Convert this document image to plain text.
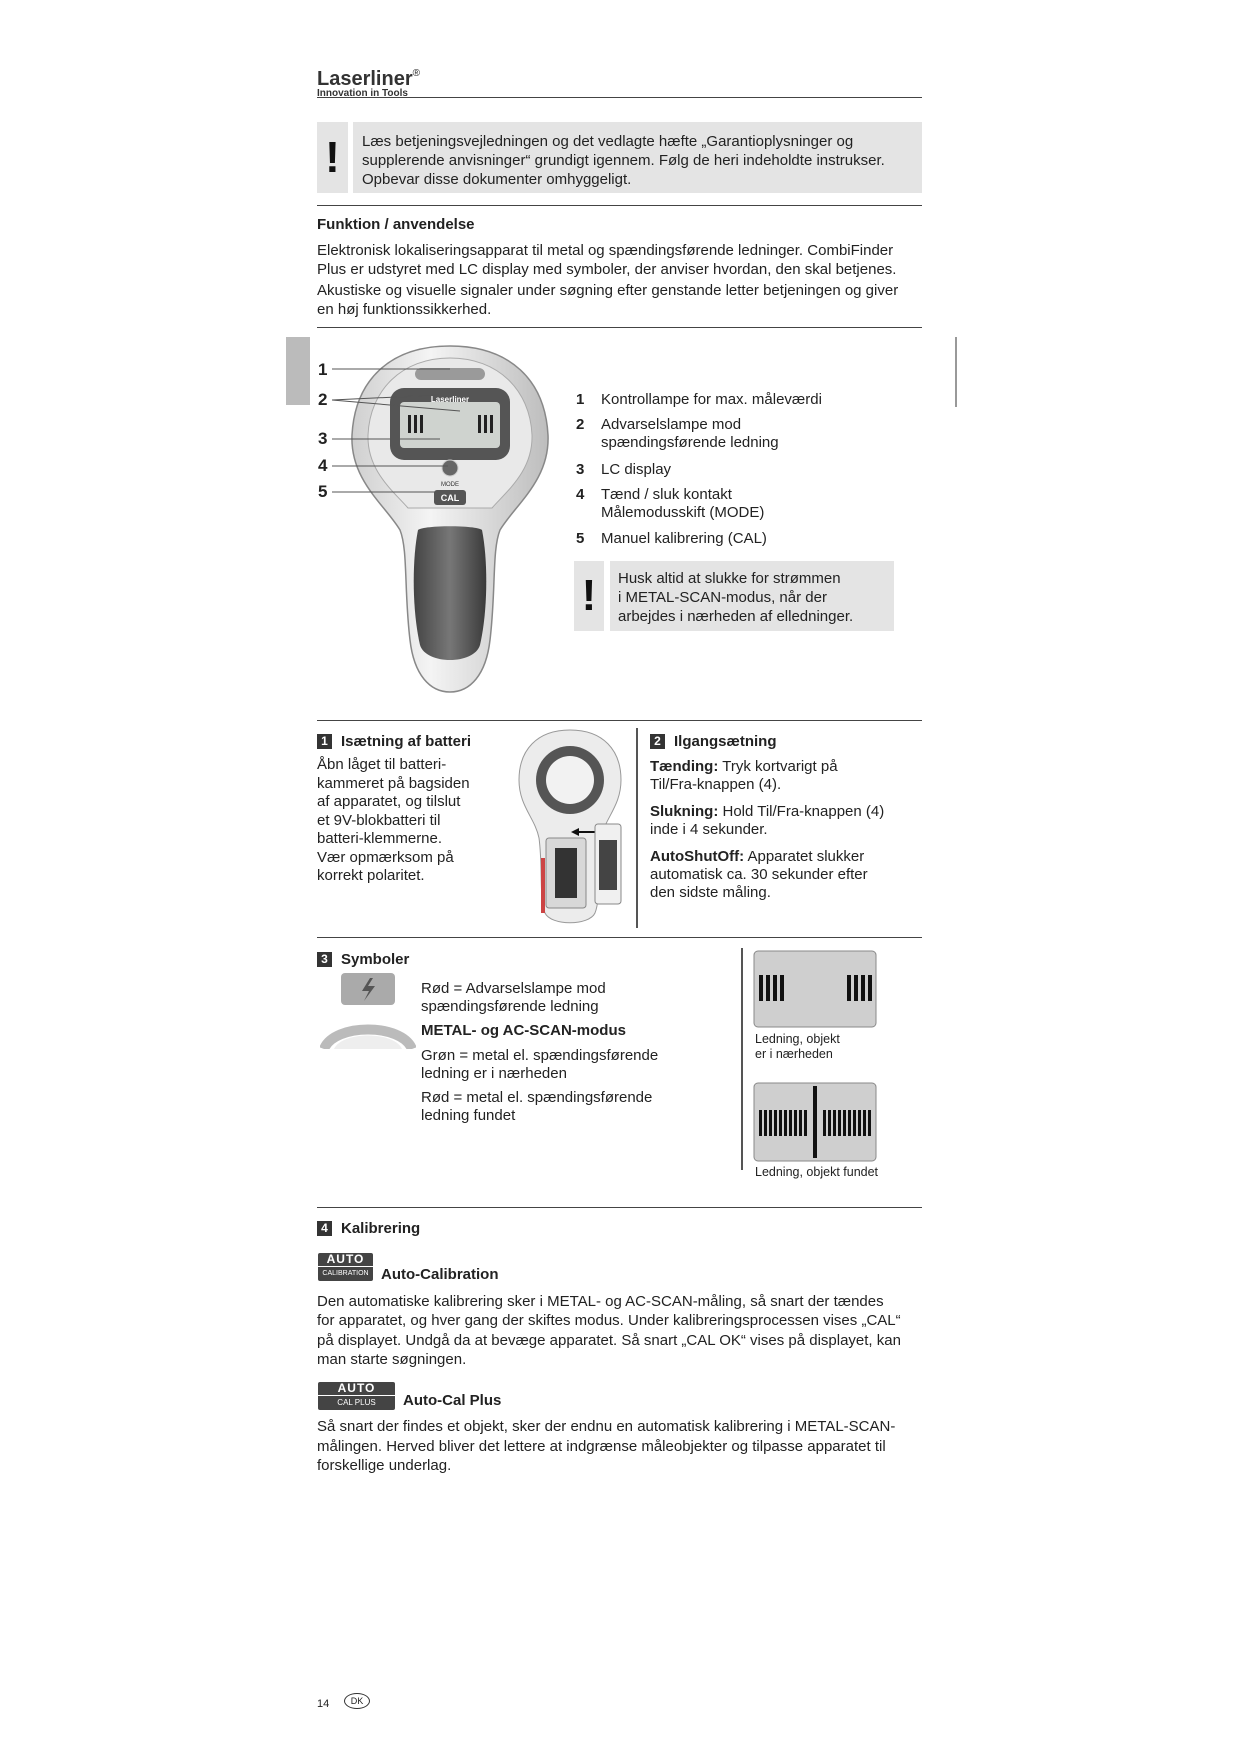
Laserliner®
Innovation in Tools
!	Læs betjeningsvejledningen og det vedlagte hæfte „Garantioplysninger og
supplerende anvisninger“ grundigt igennem. Følg de heri indeholdte instrukser.
Opbevar disse dokumenter omhyggeligt.
Funktion / anvendelse
Elektronisk lokaliseringsapparat til metal og spændingsførende ledninger. CombiFinder
Plus er udstyret med LC display med symboler, der anviser hvordan, den skal betjenes.
Akustiske og visuelle signaler under søgning efter genstande letter betjeningen og giver
en høj funktionssikkerhed.
Laserliner
MODE
CAL
1
2
3
4
5
1 Kontrollampe for max. måleværdi
2 Advarselslampe mod
spændingsførende ledning
3 LC display
4 Tænd / sluk kontakt
Målemodusskift (MODE)
5 Manuel kalibrering (CAL)
!	Husk altid at slukke for strømmen
i METAL-SCAN-modus, når der
arbejdes i nærheden af elledninger.
1 Isætning af batteri
Åbn låget til batteri-
kammeret på bagsiden
af apparatet, og tilslut
et 9V-blokbatteri til
batteri-klemmerne.
Vær opmærksom på
korrekt polaritet.
2 Ilgangsætning
Tænding: Tryk kortvarigt på
Til/Fra-knappen (4).
Slukning: Hold Til/Fra-knappen (4)
inde i 4 sekunder.
AutoShutOff: Apparatet slukker
automatisk ca. 30 sekunder efter
den sidste måling.
3 Symboler
Rød = Advarselslampe mod
spændingsførende ledning
METAL- og AC-SCAN-modus
Grøn = metal el. spændingsførende
ledning er i nærheden
Rød = metal el. spændingsførende
ledning fundet
Ledning, objekt
er i nærheden
Ledning, objekt fundet
4 Kalibrering
AUTO
CALIBRATION Auto-Calibration
Den automatiske kalibrering sker i METAL- og AC-SCAN-måling, så snart der tændes
for apparatet, og hver gang der skiftes modus. Under kalibreringsprocessen vises „CAL“
på displayet. Undgå da at bevæge apparatet. Så snart „CAL OK“ vises på displayet, kan
man starte søgningen.
AUTO
CAL PLUS	Auto-Cal Plus
Så snart der findes et objekt, sker der endnu en automatisk kalibrering i METAL-SCAN-
målingen. Herved bliver det lettere at indgrænse måleobjekter og tilpasse apparatet til
forskellige underlag.
14	DK
